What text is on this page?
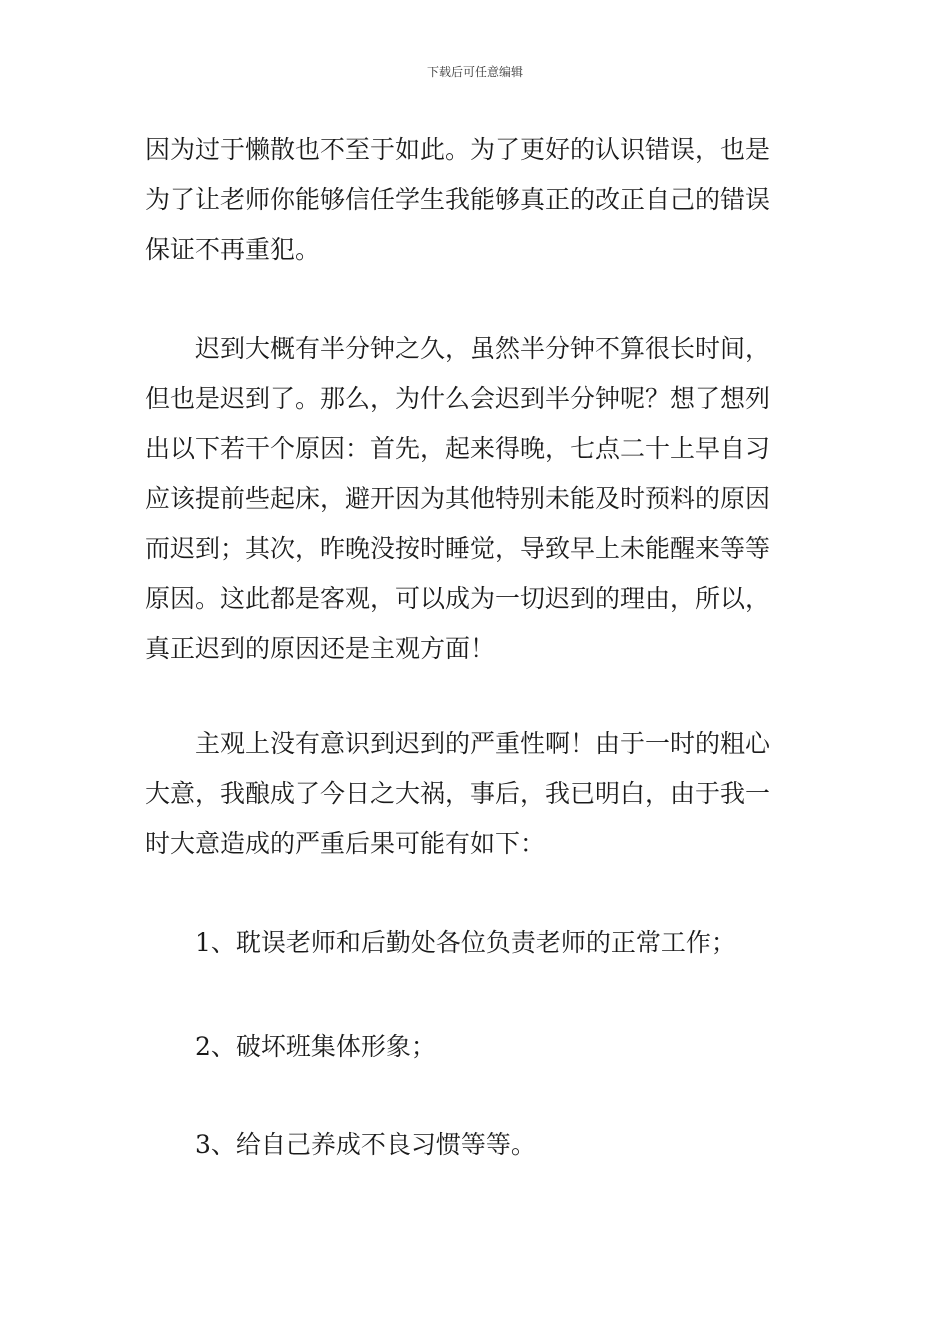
下载后可任意编辑
因为过于懒散也不至于如此。为了更好的认识错误，也是
为了让老师你能够信任学生我能够真正的改正自己的错误
保证不再重犯。
迟到大概有半分钟之久，虽然半分钟不算很长时间，
但也是迟到了。那么，为什么会迟到半分钟呢？想了想列
出以下若干个原因：首先，起来得晚，七点二十上早自习
应该提前些起床，避开因为其他特别未能及时预料的原因
而迟到；其次，昨晚没按时睡觉，导致早上未能醒来等等
原因。这此都是客观，可以成为一切迟到的理由，所以，
真正迟到的原因还是主观方面！
主观上没有意识到迟到的严重性啊！由于一时的粗心
大意，我酿成了今日之大祸，事后，我已明白，由于我一
时大意造成的严重后果可能有如下：
1、耽误老师和后勤处各位负责老师的正常工作；
2、破坏班集体形象；
3、给自己养成不良习惯等等。
